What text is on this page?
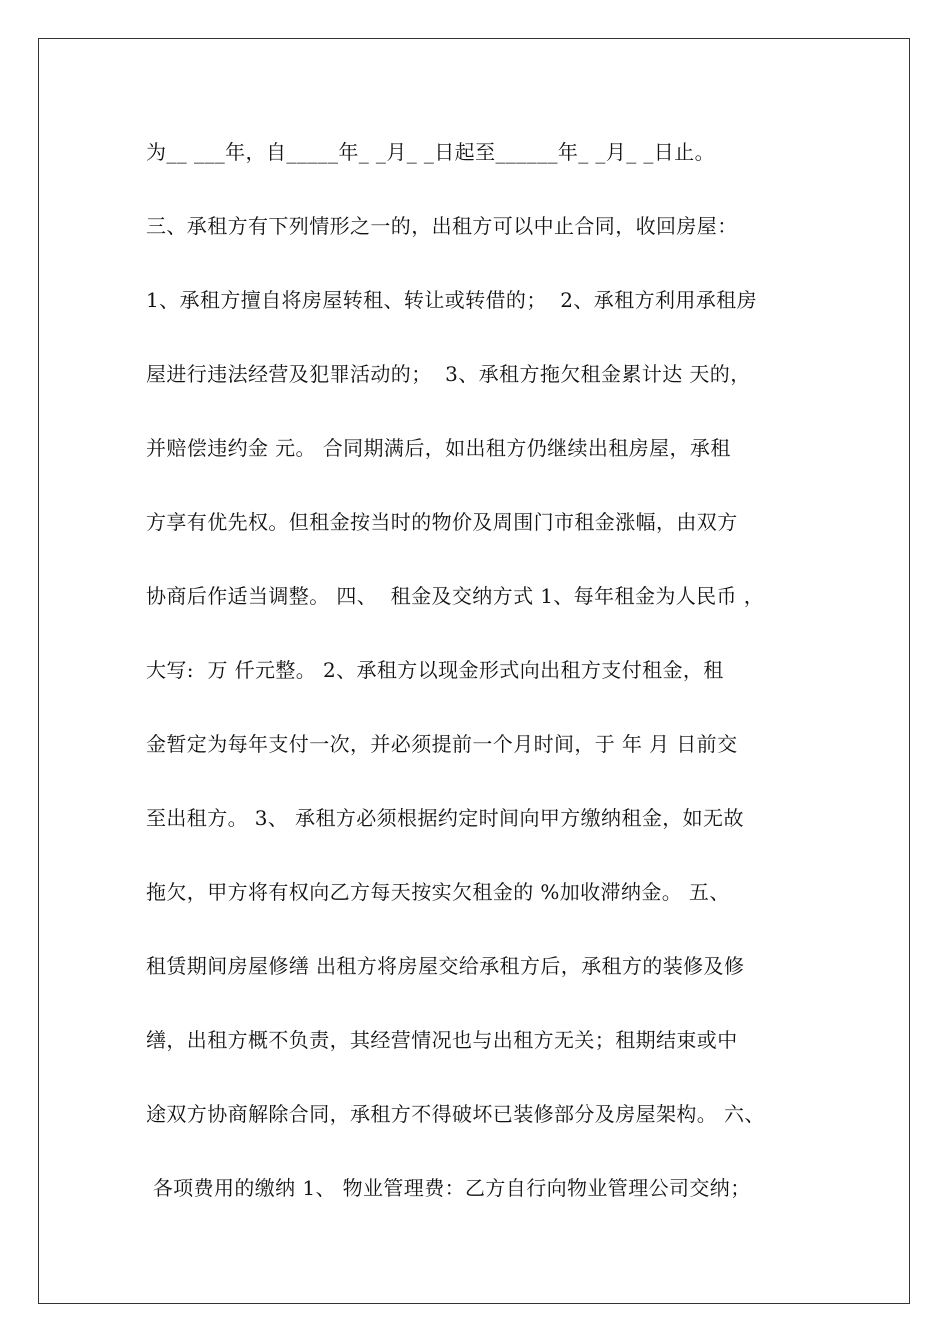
为__ ___年，自_____年_ _月_ _日起至______年_ _月_ _日止。
三、承租方有下列情形之一的，出租方可以中止合同，收回房屋：
1、承租方擅自将房屋转租、转让或转借的；  2、承租方利用承租房
屋进行违法经营及犯罪活动的；  3、承租方拖欠租金累计达 天的，
并赔偿违约金 元。 合同期满后，如出租方仍继续出租房屋，承租
方享有优先权。但租金按当时的物价及周围门市租金涨幅，由双方
协商后作适当调整。 四、  租金及交纳方式 1、每年租金为人民币 ，
大写:  万 仟元整。 2、承租方以现金形式向出租方支付租金，租
金暂定为每年支付一次，并必须提前一个月时间，于 年 月 日前交
至出租方。 3、 承租方必须根据约定时间向甲方缴纳租金，如无故
拖欠，甲方将有权向乙方每天按实欠租金的 %加收滞纳金。 五、
租赁期间房屋修缮 出租方将房屋交给承租方后，承租方的装修及修
缮，出租方概不负责，其经营情况也与出租方无关；租期结束或中
途双方协商解除合同，承租方不得破坏已装修部分及房屋架构。 六、
各项费用的缴纳 1、 物业管理费：乙方自行向物业管理公司交纳；
